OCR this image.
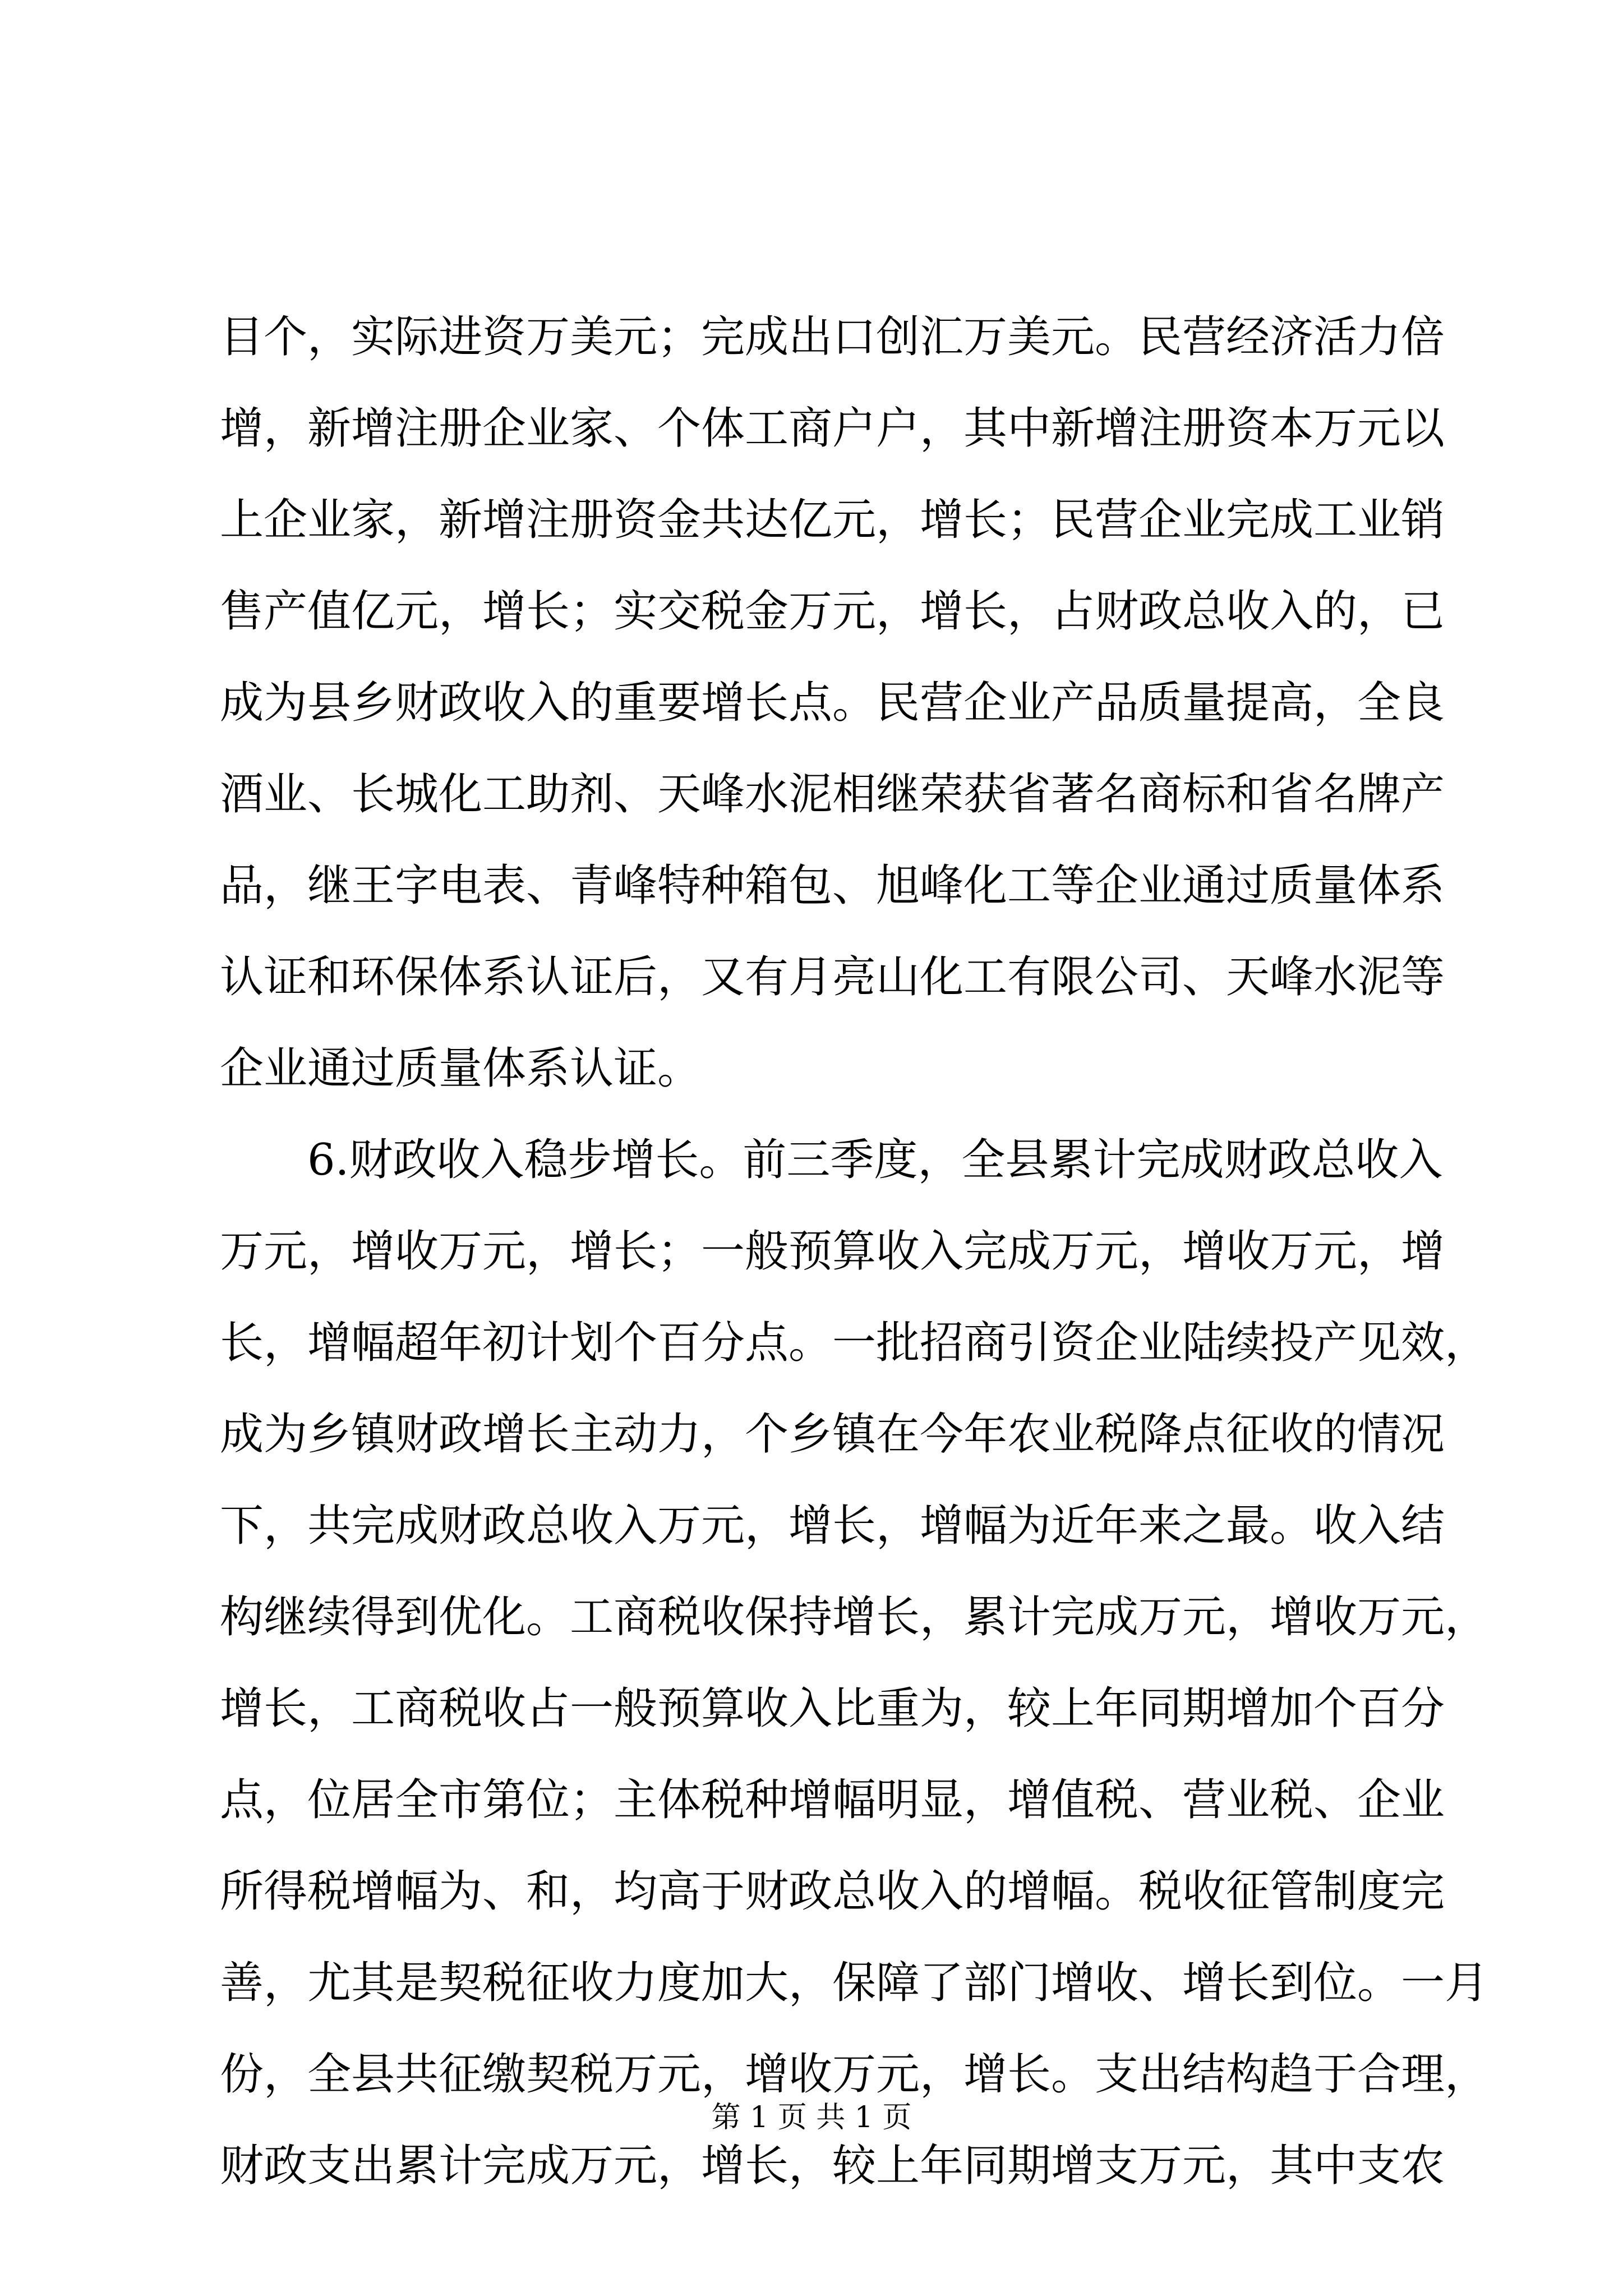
目个，实际进资万美元；完成出口创汇万美元。民营经济活力倍
增，新增注册企业家、个体工商户户，其中新增注册资本万元以
上企业家，新增注册资金共达亿元，增长；民营企业完成工业销
售产值亿元，增长；实交税金万元，增长，占财政总收入的，已
成为县乡财政收入的重要增长点。民营企业产品质量提高，全良
酒业、长城化工助剂、天峰水泥相继荣获省著名商标和省名牌产
品，继王字电表、青峰特种箱包、旭峰化工等企业通过质量体系
认证和环保体系认证后，又有月亮山化工有限公司、天峰水泥等
企业通过质量体系认证。
　　6.财政收入稳步增长。前三季度，全县累计完成财政总收入
万元，增收万元，增长；一般预算收入完成万元，增收万元，增
长，增幅超年初计划个百分点。一批招商引资企业陆续投产见效，
成为乡镇财政增长主动力，个乡镇在今年农业税降点征收的情况
下，共完成财政总收入万元，增长，增幅为近年来之最。收入结
构继续得到优化。工商税收保持增长，累计完成万元，增收万元，
增长，工商税收占一般预算收入比重为，较上年同期增加个百分
点，位居全市第位；主体税种增幅明显，增值税、营业税、企业
所得税增幅为、和，均高于财政总收入的增幅。税收征管制度完
善，尤其是契税征收力度加大，保障了部门增收、增长到位。一月
份，全县共征缴契税万元，增收万元，增长。支出结构趋于合理，
财政支出累计完成万元，增长，较上年同期增支万元，其中支农
第 1 页 共 1 页
